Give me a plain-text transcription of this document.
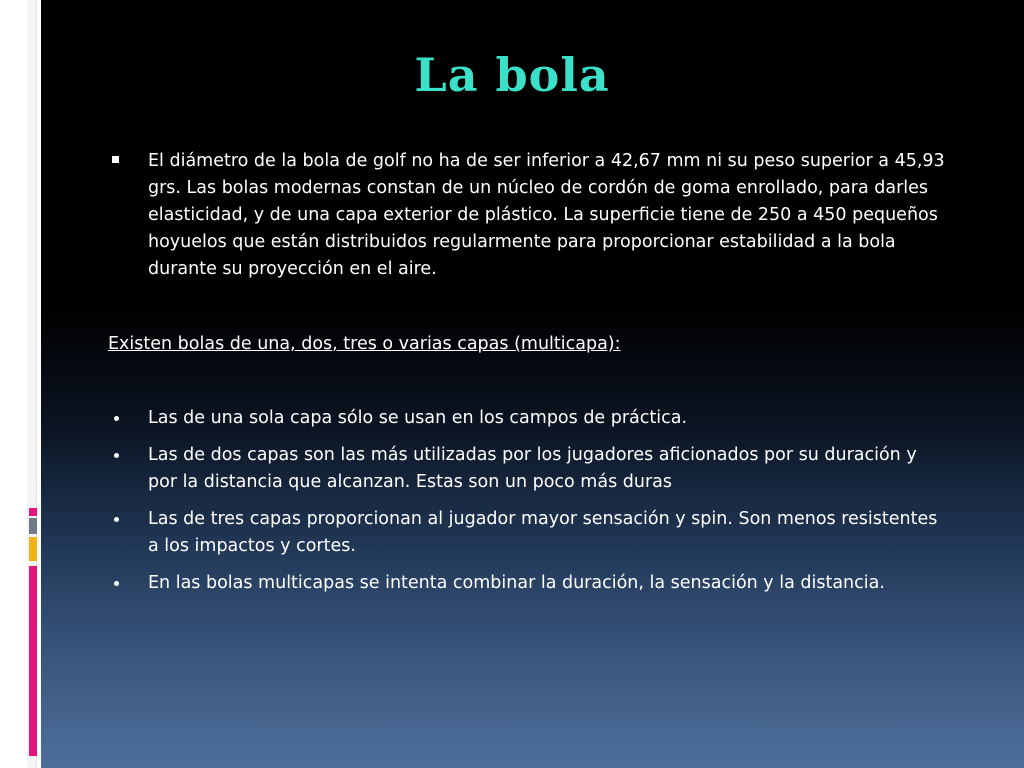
La bola

El diámetro de la bola de golf no ha de ser inferior a 42,67 mm ni su peso superior a 45,93 grs. Las bolas modernas constan de un núcleo de cordón de goma enrollado, para darles elasticidad, y de una capa exterior de plástico. La superficie tiene de 250 a 450 pequeños hoyuelos que están distribuidos regularmente para proporcionar estabilidad a la bola durante su proyección en el aire.

Existen bolas de una, dos, tres o varias capas (multicapa):

Las de una sola capa sólo se usan en los campos de práctica.

Las de dos capas son las más utilizadas por los jugadores aficionados por su duración y por la distancia que alcanzan. Estas son un poco más duras

Las de tres capas proporcionan al jugador mayor sensación y spin. Son menos resistentes a los impactos y cortes.

En las bolas multicapas se intenta combinar la duración, la sensación y la distancia.
